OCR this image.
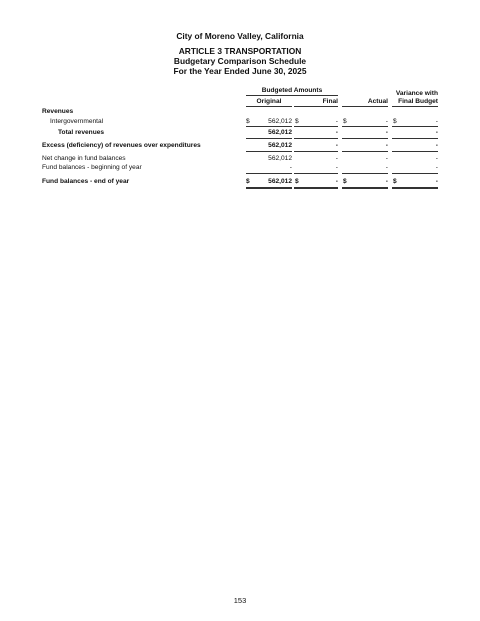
City of Moreno Valley, California
ARTICLE 3 TRANSPORTATION
Budgetary Comparison Schedule
For the Year Ended June 30, 2025
Budgeted Amounts
Original	Final	Actual
Variance with
Final Budget
Revenues
Intergovernmental	$	562,012 $	- $	- $	-
Total revenues	562,012	-	-	-
Excess (deficiency) of revenues over expenditures	562,012	-	-	-
Net change in fund balances	562,012	-	-	-
Fund balances - beginning of year	-	-	-	-
Fund balances - end of year	$	562,012 $	- $	- $	-
153
